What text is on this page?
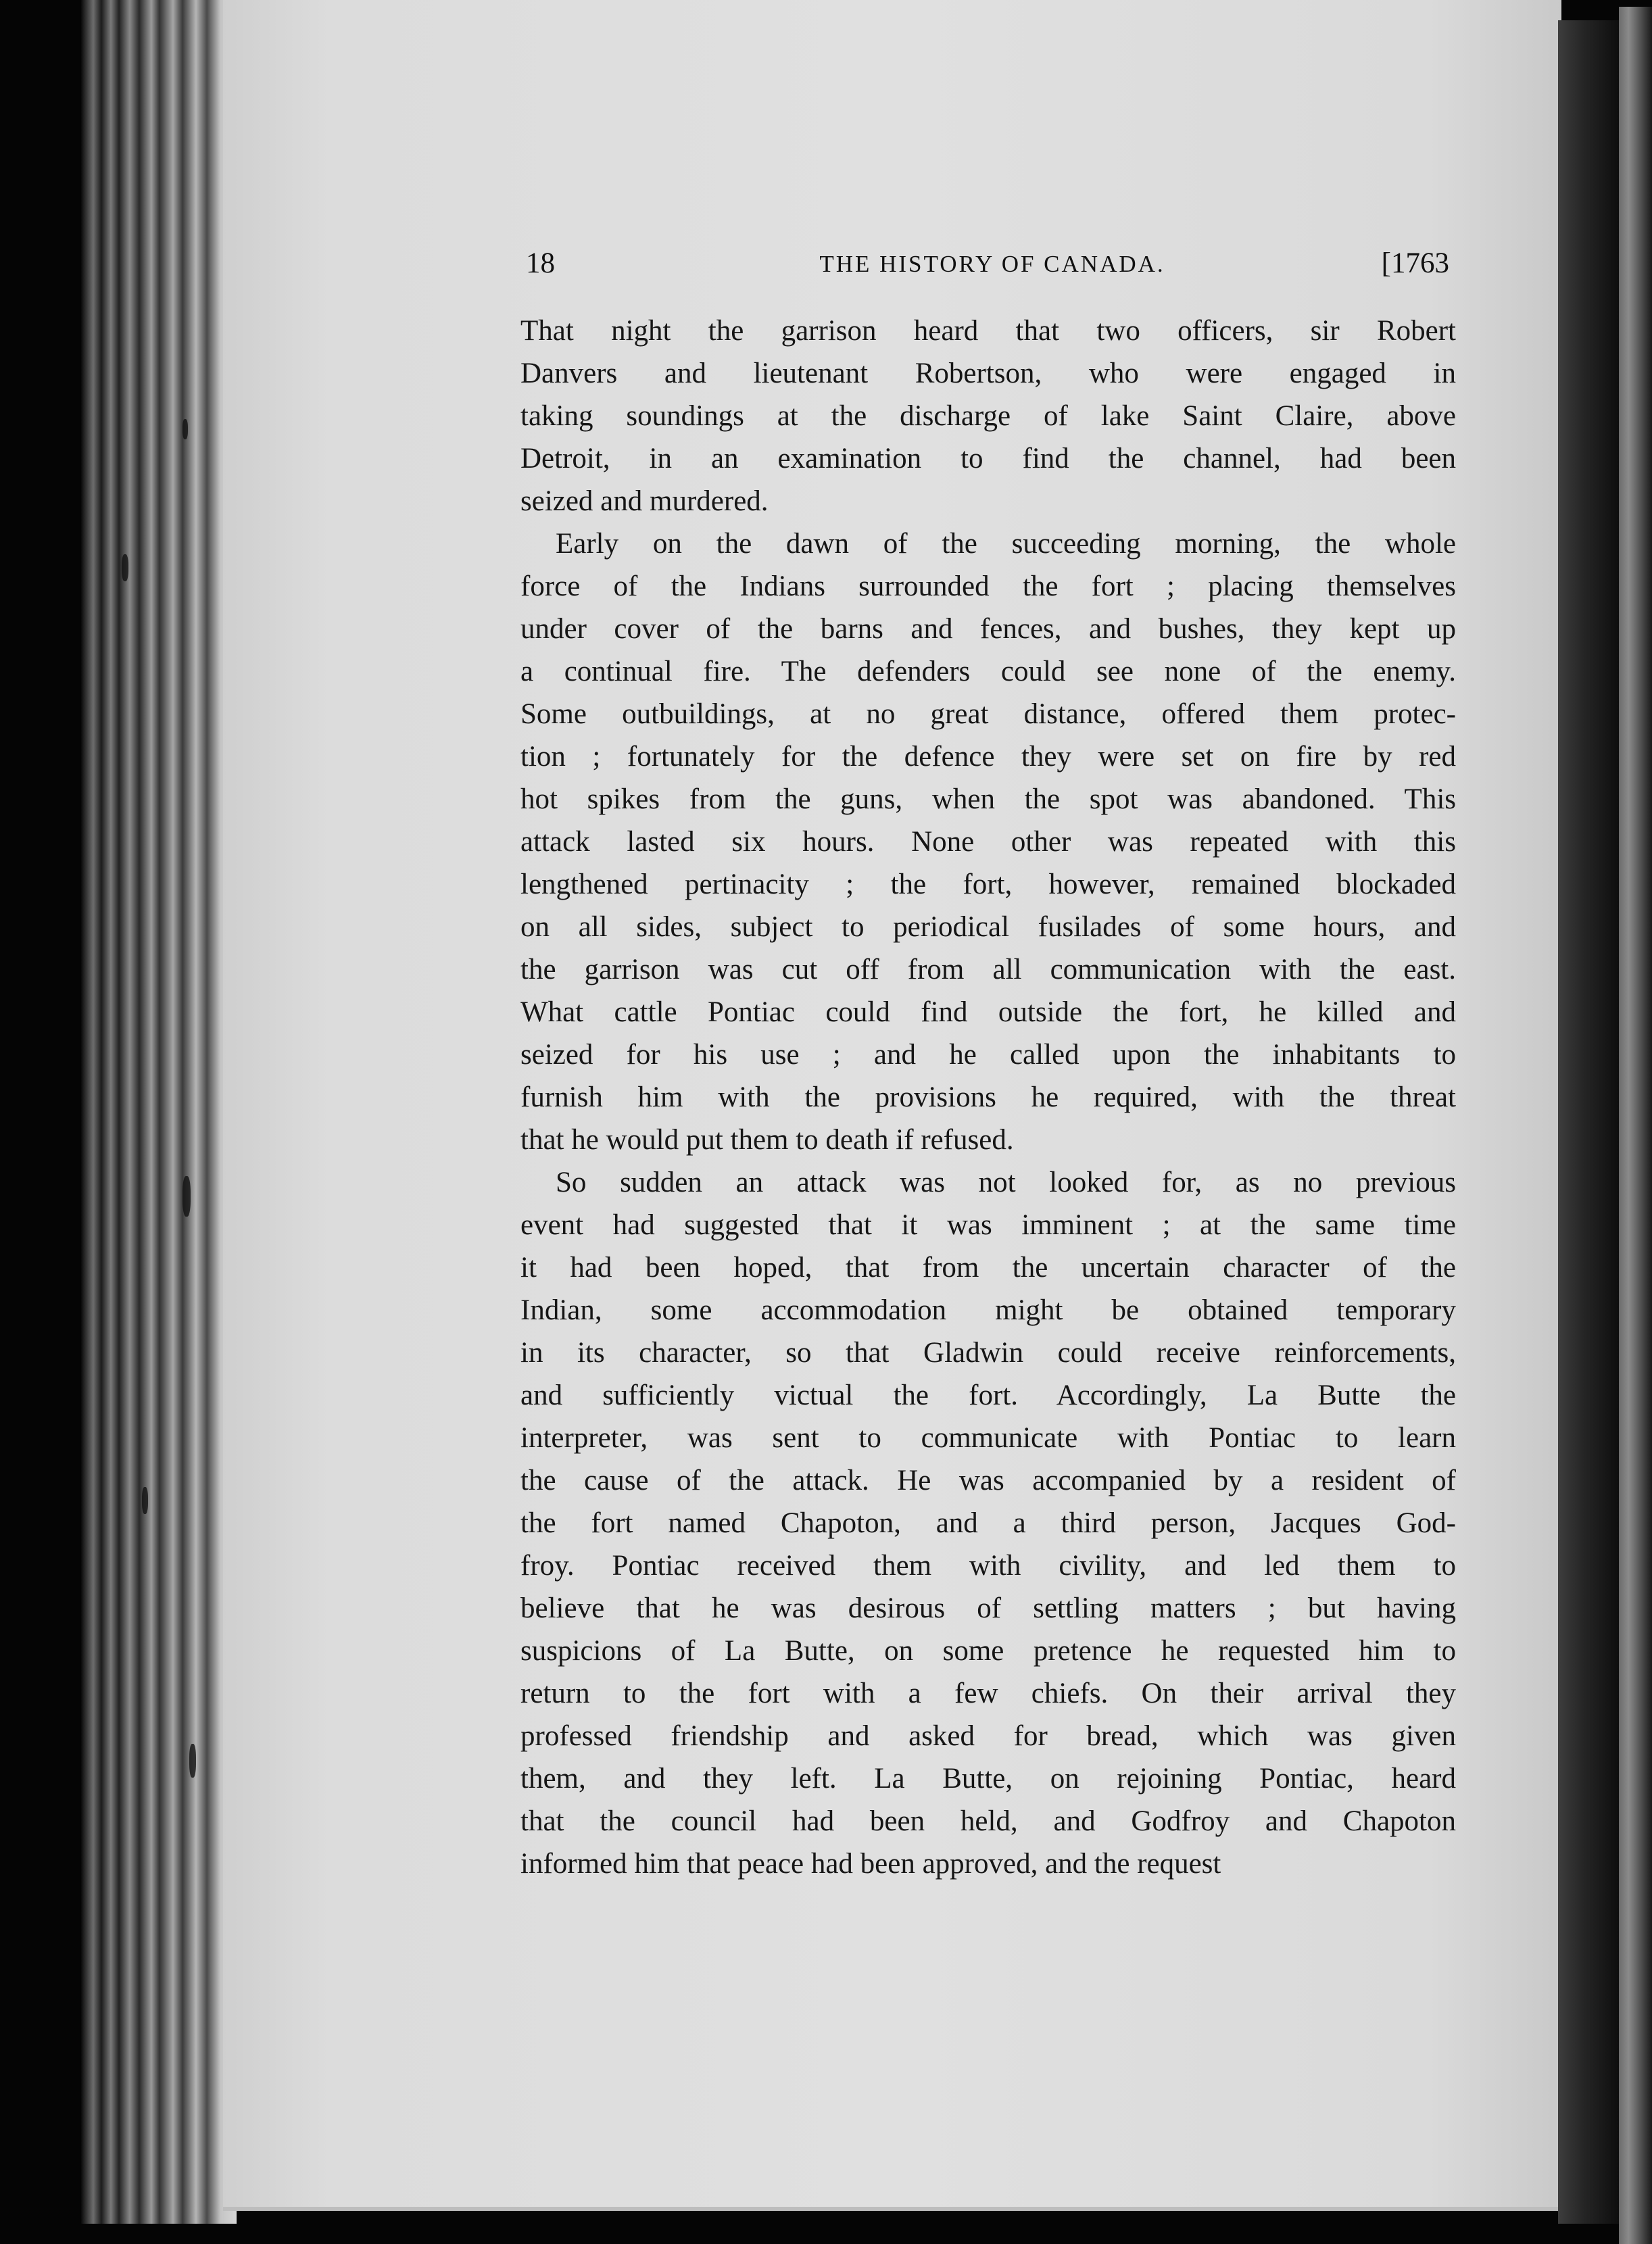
18	THE HISTORY OF CANADA.	[1763
That night the garrison heard that two officers, sir Robert
Danvers and lieutenant Robertson, who were engaged in
taking soundings at the discharge of lake Saint Claire, above
Detroit, in an examination to find the channel, had been
seized and murdered.
Early on the dawn of the succeeding morning, the whole
force of the Indians surrounded the fort ; placing themselves
under cover of the barns and fences, and bushes, they kept up
a continual fire. The defenders could see none of the enemy.
Some outbuildings, at no great distance, offered them protec-
tion ; fortunately for the defence they were set on fire by red
hot spikes from the guns, when the spot was abandoned. This
attack lasted six hours. None other was repeated with this
lengthened pertinacity ; the fort, however, remained blockaded
on all sides, subject to periodical fusilades of some hours, and
the garrison was cut off from all communication with the east.
What cattle Pontiac could find outside the fort, he killed and
seized for his use ; and he called upon the inhabitants to
furnish him with the provisions he required, with the threat
that he would put them to death if refused.
So sudden an attack was not looked for, as no previous
event had suggested that it was imminent ; at the same time
it had been hoped, that from the uncertain character of the
Indian, some accommodation might be obtained temporary
in its character, so that Gladwin could receive reinforcements,
and sufficiently victual the fort. Accordingly, La Butte the
interpreter, was sent to communicate with Pontiac to learn
the cause of the attack. He was accompanied by a resident of
the fort named Chapoton, and a third person, Jacques God-
froy. Pontiac received them with civility, and led them to
believe that he was desirous of settling matters ; but having
suspicions of La Butte, on some pretence he requested him to
return to the fort with a few chiefs. On their arrival they
professed friendship and asked for bread, which was given
them, and they left. La Butte, on rejoining Pontiac, heard
that the council had been held, and Godfroy and Chapoton
informed him that peace had been approved, and the request
